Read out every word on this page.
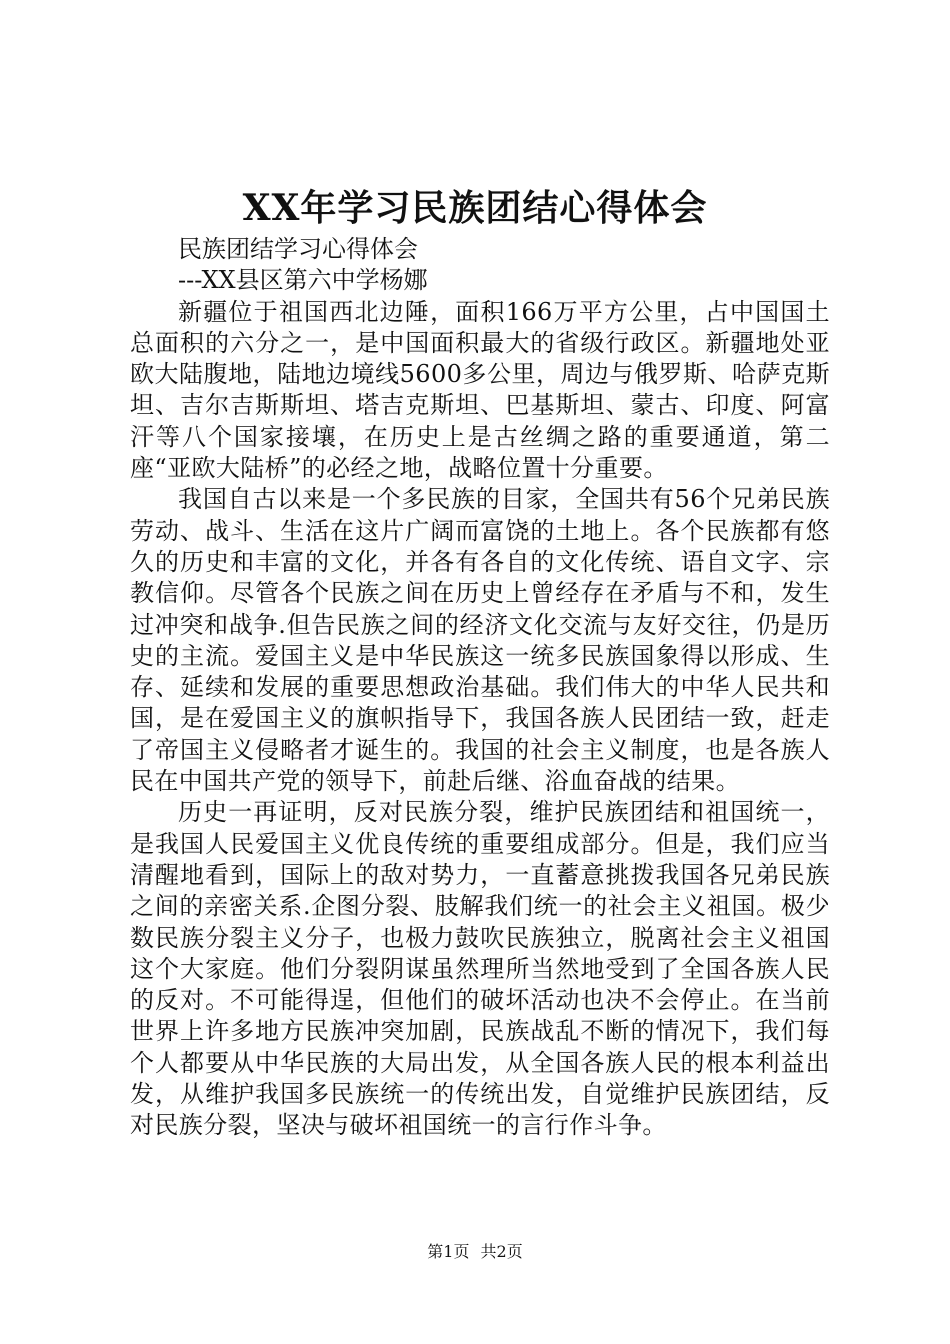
XX年学习民族团结心得体会

民族团结学习心得体会

---XX县区第六中学杨娜

新疆位于祖国西北边陲，面积166万平方公里，占中国国土总面积的六分之一，是中国面积最大的省级行政区。新疆地处亚欧大陆腹地，陆地边境线5600多公里，周边与俄罗斯、哈萨克斯坦、吉尔吉斯斯坦、塔吉克斯坦、巴基斯坦、蒙古、印度、阿富汗等八个国家接壤，在历史上是古丝绸之路的重要通道，第二座“亚欧大陆桥”的必经之地，战略位置十分重要。

我国自古以来是一个多民族的目家，全国共有56个兄弟民族劳动、战斗、生活在这片广阔而富饶的土地上。各个民族都有悠久的历史和丰富的文化，并各有各自的文化传统、语自文字、宗教信仰。尽管各个民族之间在历史上曾经存在矛盾与不和，发生过冲突和战争.但告民族之间的经济文化交流与友好交往，仍是历史的主流。爱国主义是中华民族这一统多民族国象得以形成、生存、延续和发展的重要思想政治基础。我们伟大的中华人民共和国，是在爱国主义的旗帜指导下，我国各族人民团结一致，赶走了帝国主义侵略者才诞生的。我国的社会主义制度，也是各族人民在中国共产党的领导下，前赴后继、浴血奋战的结果。

历史一再证明，反对民族分裂，维护民族团结和祖国统一，是我国人民爱国主义优良传统的重要组成部分。但是，我们应当清醒地看到，国际上的敌对势力，一直蓄意挑拨我国各兄弟民族之间的亲密关系.企图分裂、肢解我们统一的社会主义祖国。极少数民族分裂主义分子，也极力鼓吹民族独立，脱离社会主义祖国这个大家庭。他们分裂阴谋虽然理所当然地受到了全国各族人民的反对。不可能得逞，但他们的破坏活动也决不会停止。在当前世界上许多地方民族冲突加剧，民族战乱不断的情况下，我们每个人都要从中华民族的大局出发，从全国各族人民的根本利益出发，从维护我国多民族统一的传统出发，自觉维护民族团结，反对民族分裂，坚决与破坏祖国统一的言行作斗争。

第1页 共2页
